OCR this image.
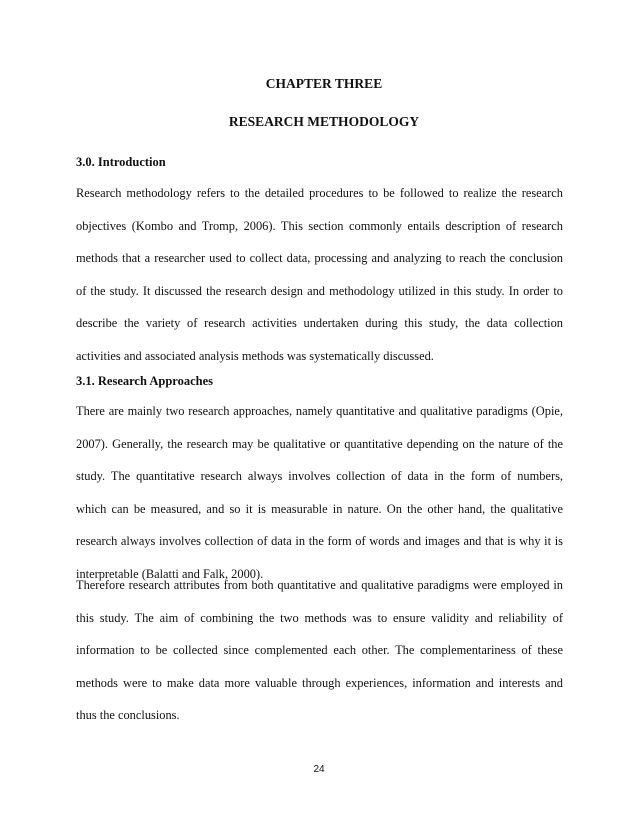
CHAPTER THREE
RESEARCH METHODOLOGY
3.0. Introduction
Research methodology refers to the detailed procedures to be followed to realize the research
objectives (Kombo and Tromp, 2006). This section commonly entails description of research
methods that a researcher used to collect data, processing and analyzing to reach the conclusion
of the study. It discussed the research design and methodology utilized in this study. In order to
describe the variety of research activities undertaken during this study, the data collection
activities and associated analysis methods was systematically discussed.
3.1. Research Approaches
There are mainly two research approaches, namely quantitative and qualitative paradigms (Opie,
2007). Generally, the research may be qualitative or quantitative depending on the nature of the
study. The quantitative research always involves collection of data in the form of numbers,
which can be measured, and so it is measurable in nature. On the other hand, the qualitative
research always involves collection of data in the form of words and images and that is why it is
interpretable (Balatti and Falk, 2000).
Therefore research attributes from both quantitative and qualitative paradigms were employed in
this study. The aim of combining the two methods was to ensure validity and reliability of
information to be collected since complemented each other. The complementariness of these
methods were to make data more valuable through experiences, information and interests and
thus the conclusions.

24
